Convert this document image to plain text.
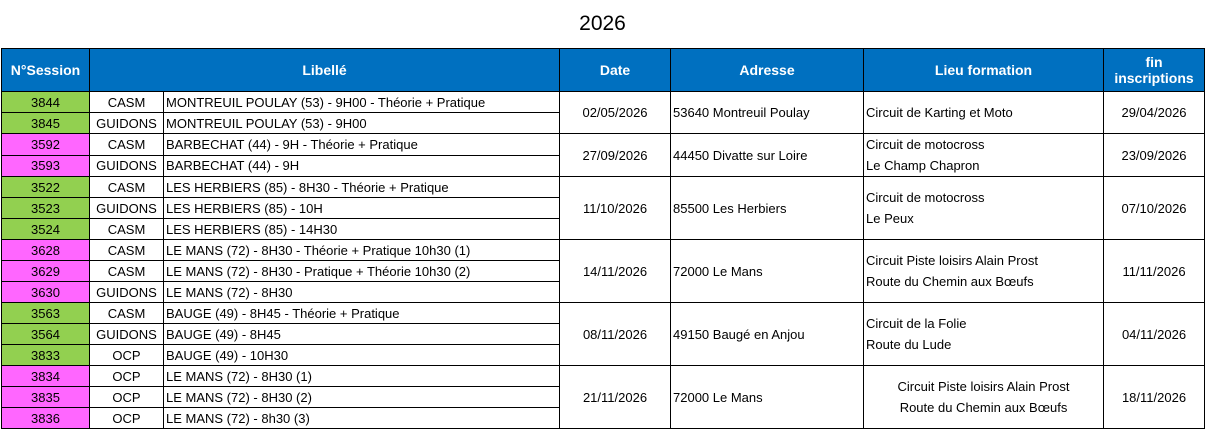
2026
N°Session	Libellé		Date	Adresse	Lieu formation	fin
inscriptions
3844	CASM	MONTREUIL POULAY (53) - 9H00 - Théorie + Pratique	02/05/2026	53640 Montreuil Poulay	Circuit de Karting et Moto	29/04/2026
3845	GUIDONS	MONTREUIL POULAY (53) - 9H00				
3592	CASM	BARBECHAT (44) - 9H - Théorie + Pratique	27/09/2026	44450 Divatte sur Loire	Circuit de motocross
Le Champ Chapron	23/09/2026
3593	GUIDONS	BARBECHAT (44) - 9H				
3522	CASM	LES HERBIERS (85) - 8H30 - Théorie + Pratique	11/10/2026	85500 Les Herbiers	Circuit de motocross
Le Peux	07/10/2026
3523	GUIDONS	LES HERBIERS (85) - 10H				
3524	CASM	LES HERBIERS (85) - 14H30				
3628	CASM	LE MANS (72) - 8H30 - Théorie + Pratique 10h30 (1)	14/11/2026	72000 Le Mans	Circuit Piste loisirs Alain Prost
Route du Chemin aux Bœufs	11/11/2026
3629	CASM	LE MANS (72) - 8H30 - Pratique + Théorie 10h30 (2)				
3630	GUIDONS	LE MANS (72) - 8H30				
3563	CASM	BAUGE (49) - 8H45 - Théorie + Pratique	08/11/2026	49150 Baugé en Anjou	Circuit de la Folie
Route du Lude	04/11/2026
3564	GUIDONS	BAUGE (49) - 8H45				
3833	OCP	BAUGE (49) - 10H30				
3834	OCP	LE MANS (72) - 8H30 (1)	21/11/2026	72000 Le Mans	Circuit Piste loisirs Alain Prost
Route du Chemin aux Bœufs	18/11/2026
3835	OCP	LE MANS (72) - 8H30 (2)				
3836	OCP	LE MANS (72) - 8h30 (3)				
